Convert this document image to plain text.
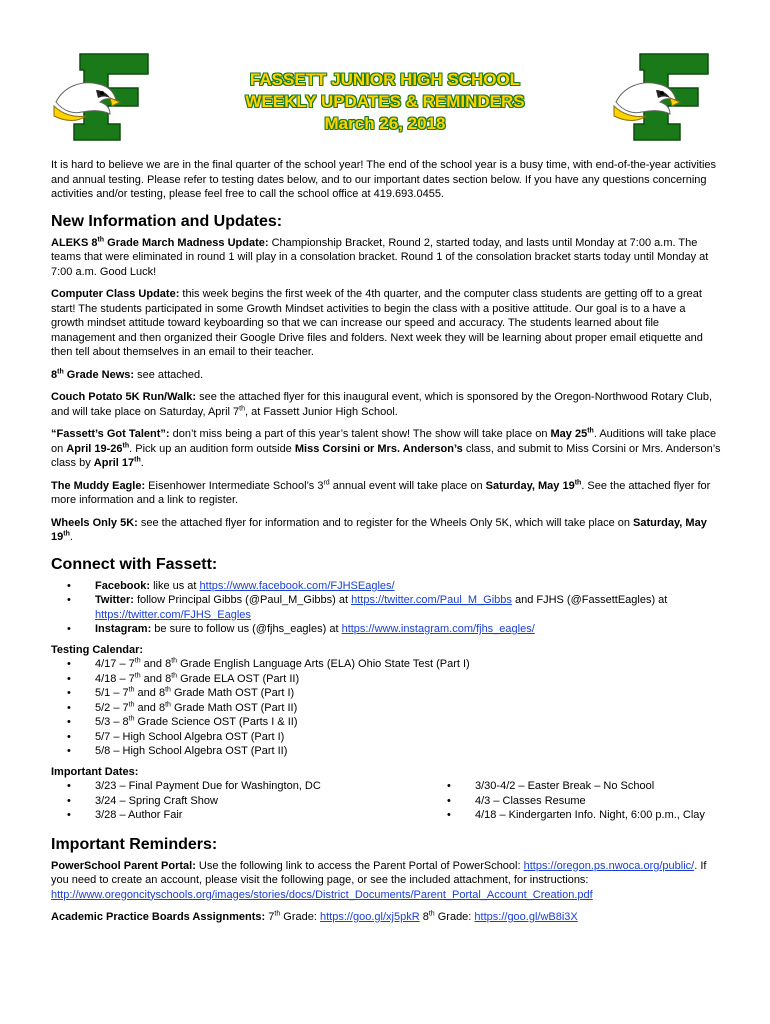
FASSETT JUNIOR HIGH SCHOOL
WEEKLY UPDATES & REMINDERS
March 26, 2018

It is hard to believe we are in the final quarter of the school year! The end of the school year is a busy time, with end-of-the-year activities and annual testing. Please refer to testing dates below, and to our important dates section below. If you have any questions concerning activities and/or testing, please feel free to call the school office at 419.693.0455.

New Information and Updates:

ALEKS 8th Grade March Madness Update: Championship Bracket, Round 2, started today, and lasts until Monday at 7:00 a.m. The teams that were eliminated in round 1 will play in a consolation bracket. Round 1 of the consolation bracket starts today until Monday at 7:00 a.m. Good Luck!

Computer Class Update: this week begins the first week of the 4th quarter, and the computer class students are getting off to a great start! The students participated in some Growth Mindset activities to begin the class with a positive attitude. Our goal is to a have a growth mindset attitude toward keyboarding so that we can increase our speed and accuracy. The students learned about file management and then organized their Google Drive files and folders. Next week they will be learning about proper email etiquette and then tell about themselves in an email to their teacher.

8th Grade News: see attached.

Couch Potato 5K Run/Walk: see the attached flyer for this inaugural event, which is sponsored by the Oregon-Northwood Rotary Club, and will take place on Saturday, April 7th, at Fassett Junior High School.

“Fassett’s Got Talent”: don’t miss being a part of this year’s talent show! The show will take place on May 25th. Auditions will take place on April 19-26th. Pick up an audition form outside Miss Corsini or Mrs. Anderson’s class, and submit to Miss Corsini or Mrs. Anderson’s class by April 17th.

The Muddy Eagle: Eisenhower Intermediate School’s 3rd annual event will take place on Saturday, May 19th. See the attached flyer for more information and a link to register.

Wheels Only 5K: see the attached flyer for information and to register for the Wheels Only 5K, which will take place on Saturday, May 19th.

Connect with Fassett:
• Facebook: like us at https://www.facebook.com/FJHSEagles/
• Twitter: follow Principal Gibbs (@Paul_M_Gibbs) at https://twitter.com/Paul_M_Gibbs and FJHS (@FassettEagles) at https://twitter.com/FJHS_Eagles
• Instagram: be sure to follow us (@fjhs_eagles) at https://www.instagram.com/fjhs_eagles/

Testing Calendar:

• 4/17 – 7th and 8th Grade English Language Arts (ELA) Ohio State Test (Part I)
• 4/18 – 7th and 8th Grade ELA OST (Part II)
• 5/1 – 7th and 8th Grade Math OST (Part I)
• 5/2 – 7th and 8th Grade Math OST (Part II)
• 5/3 – 8th Grade Science OST (Parts I & II)
• 5/7 – High School Algebra OST (Part I)
• 5/8 – High School Algebra OST (Part II)

Important Dates:

• 3/23 – Final Payment Due for Washington, DC
• 3/24 – Spring Craft Show
• 3/28 – Author Fair
• 3/30-4/2 – Easter Break – No School
• 4/3 – Classes Resume
• 4/18 – Kindergarten Info. Night, 6:00 p.m., Clay
Important Reminders:

PowerSchool Parent Portal: Use the following link to access the Parent Portal of PowerSchool: https://oregon.ps.nwoca.org/public/. If you need to create an account, please visit the following page, or see the included attachment, for instructions: http://www.oregoncityschools.org/images/stories/docs/District_Documents/Parent_Portal_Account_Creation.pdf

Academic Practice Boards Assignments: 7th Grade: https://goo.gl/xj5pkR 8th Grade: https://goo.gl/wB8i3X
